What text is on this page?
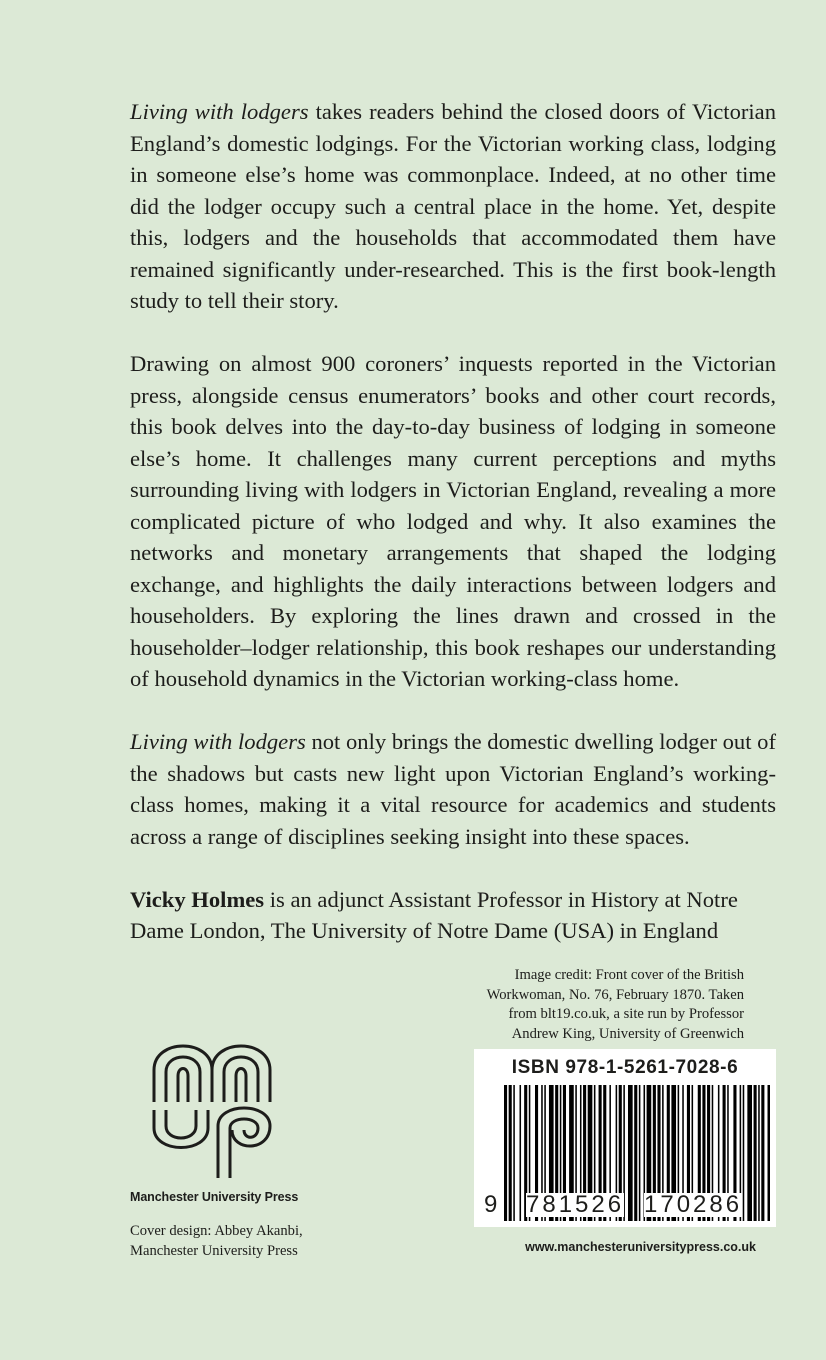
Living with lodgers takes readers behind the closed doors of Victorian England’s domestic lodgings. For the Victorian working class, lodging in someone else’s home was commonplace. Indeed, at no other time did the lodger occupy such a central place in the home. Yet, despite this, lodgers and the households that accommodated them have remained significantly under-researched. This is the first book-length study to tell their story.

Drawing on almost 900 coroners’ inquests reported in the Victorian press, alongside census enumerators’ books and other court records, this book delves into the day-to-day business of lodging in someone else’s home. It challenges many current perceptions and myths surrounding living with lodgers in Victorian England, revealing a more complicated picture of who lodged and why. It also examines the networks and monetary arrangements that shaped the lodging exchange, and highlights the daily interactions between lodgers and householders. By exploring the lines drawn and crossed in the householder–lodger relationship, this book reshapes our understanding of household dynamics in the Victorian working-class home.

Living with lodgers not only brings the domestic dwelling lodger out of the shadows but casts new light upon Victorian England’s working-class homes, making it a vital resource for academics and students across a range of disciplines seeking insight into these spaces.

Vicky Holmes is an adjunct Assistant Professor in History at Notre Dame London, The University of Notre Dame (USA) in England

Image credit: Front cover of the British
Workwoman, No. 76, February 1870. Taken
from blt19.co.uk, a site run by Professor
Andrew King, University of Greenwich
Manchester University Press
Cover design: Abbey Akanbi,
Manchester University Press
ISBN 978-1-5261-7028-6
9 781526 170286
www.manchesteruniversitypress.co.uk
